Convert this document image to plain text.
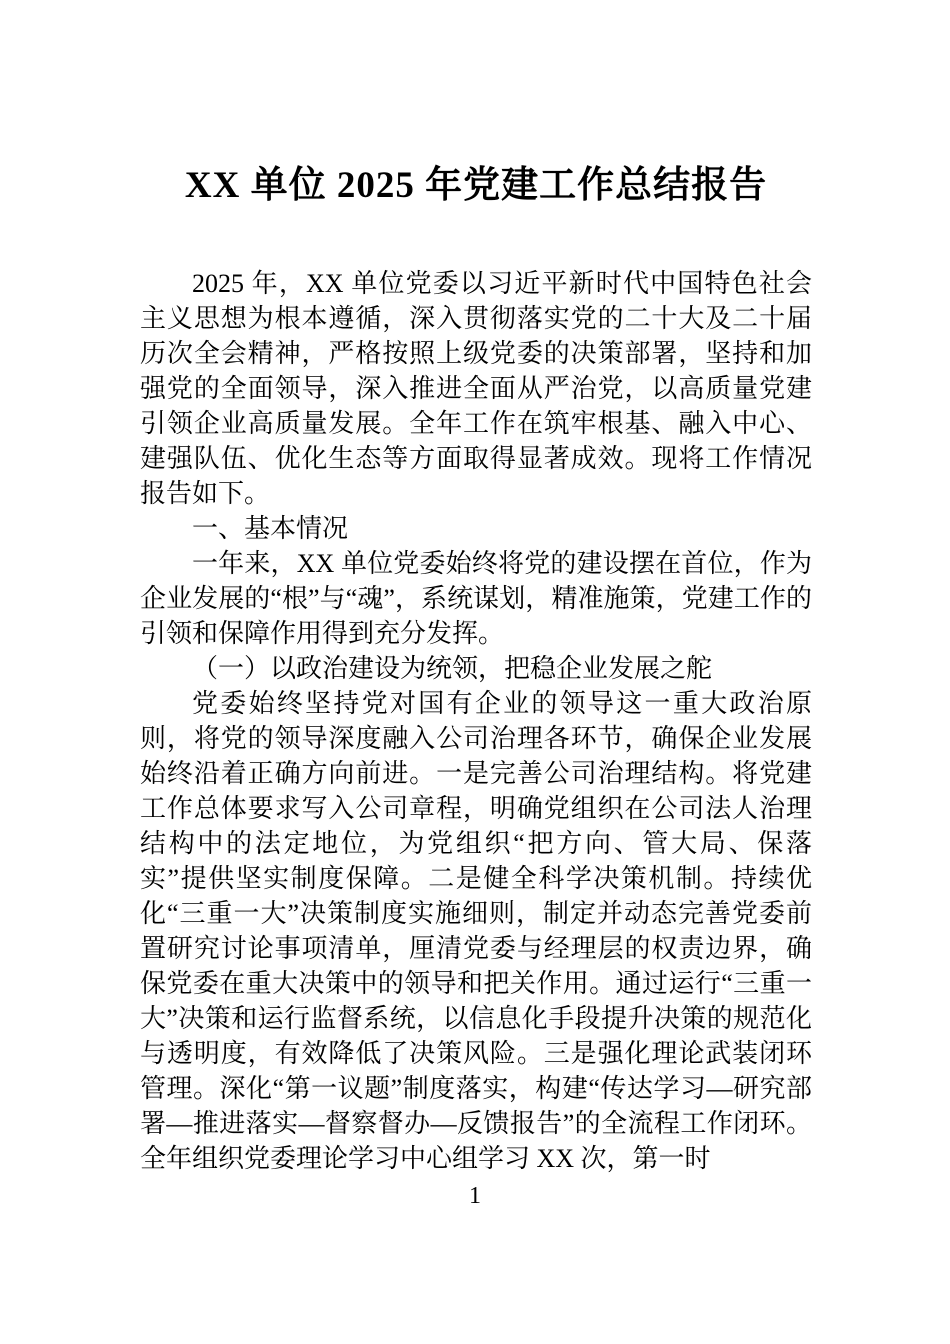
XX 单位 2025 年党建工作总结报告

2025 年，XX 单位党委以习近平新时代中国特色社会主义思想为根本遵循，深入贯彻落实党的二十大及二十届历次全会精神，严格按照上级党委的决策部署，坚持和加强党的全面领导，深入推进全面从严治党，以高质量党建引领企业高质量发展。全年工作在筑牢根基、融入中心、建强队伍、优化生态等方面取得显著成效。现将工作情况报告如下。

一、基本情况

一年来，XX 单位党委始终将党的建设摆在首位，作为企业发展的“根”与“魂”，系统谋划，精准施策，党建工作的引领和保障作用得到充分发挥。

（一）以政治建设为统领，把稳企业发展之舵

党委始终坚持党对国有企业的领导这一重大政治原则，将党的领导深度融入公司治理各环节，确保企业发展始终沿着正确方向前进。一是完善公司治理结构。将党建工作总体要求写入公司章程，明确党组织在公司法人治理结构中的法定地位，为党组织“把方向、管大局、保落实”提供坚实制度保障。二是健全科学决策机制。持续优化“三重一大”决策制度实施细则，制定并动态完善党委前置研究讨论事项清单，厘清党委与经理层的权责边界，确保党委在重大决策中的领导和把关作用。通过运行“三重一大”决策和运行监督系统，以信息化手段提升决策的规范化与透明度，有效降低了决策风险。三是强化理论武装闭环管理。深化“第一议题”制度落实，构建“传达学习—研究部署—推进落实—督察督办—反馈报告”的全流程工作闭环。全年组织党委理论学习中心组学习 XX 次，第一时

1
